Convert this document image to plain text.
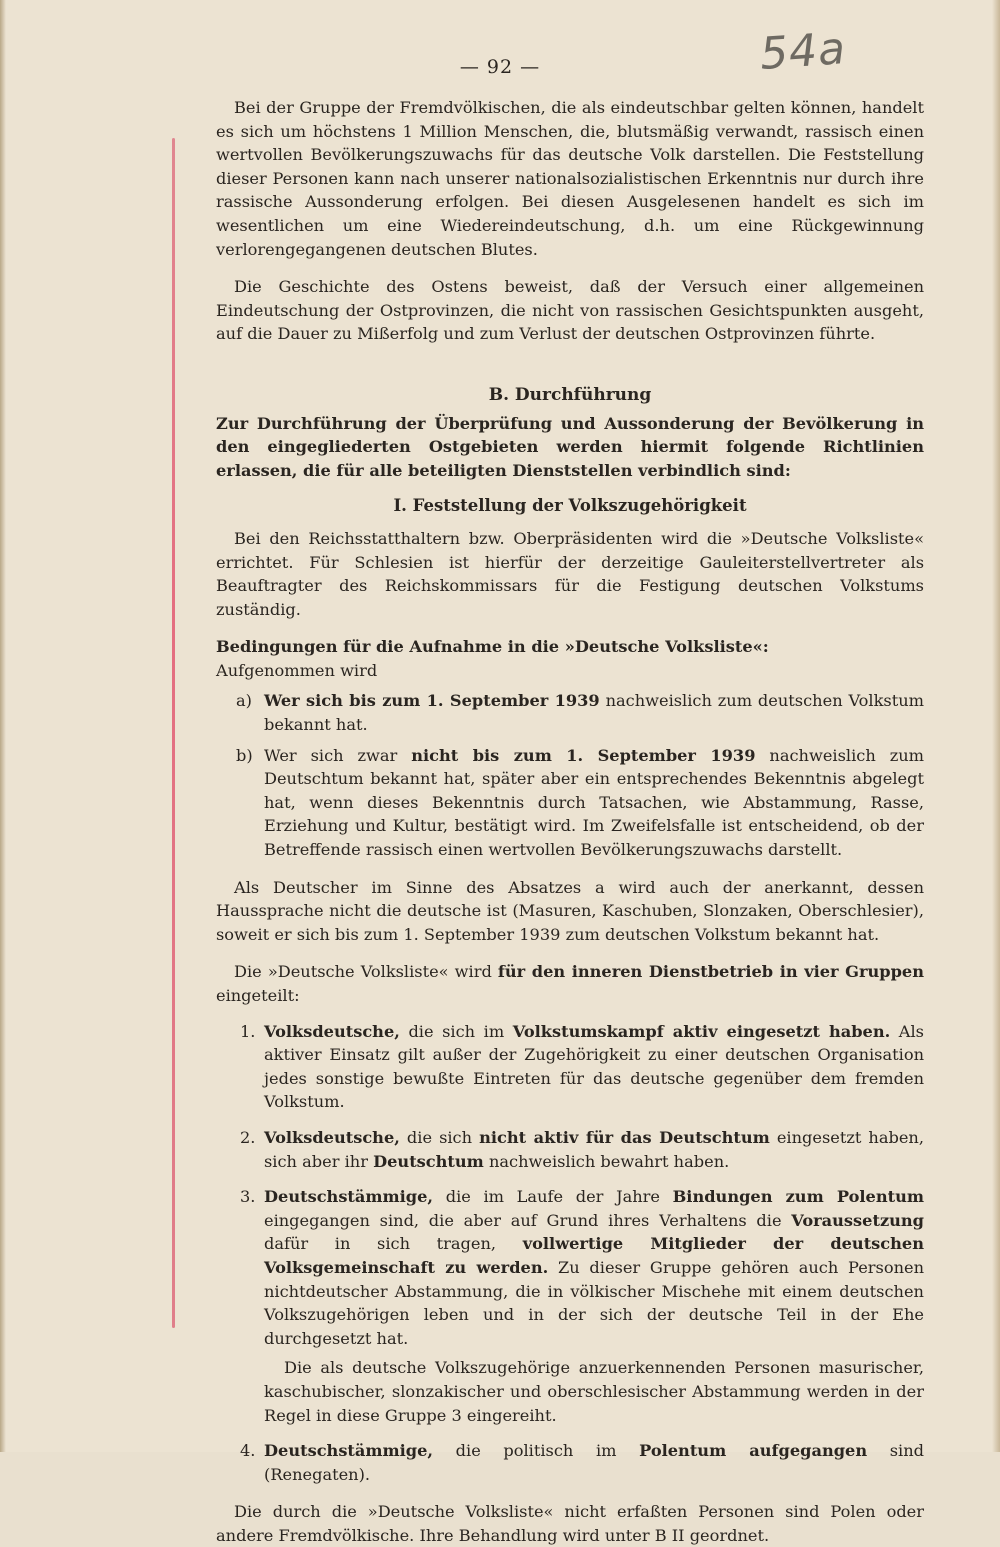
— 92 —	54a

Bei der Gruppe der Fremdvölkischen, die als eindeutschbar gelten können, handelt es sich um höchstens 1 Million Menschen, die, blutsmäßig verwandt, rassisch einen wertvollen Bevölkerungszuwachs für das deutsche Volk darstellen. Die Feststellung dieser Personen kann nach unserer nationalsozialistischen Erkenntnis nur durch ihre rassische Aussonderung erfolgen. Bei diesen Ausgelesenen handelt es sich im wesentlichen um eine Wiedereindeutschung, d.h. um eine Rückgewinnung verlorengegangenen deutschen Blutes.

Die Geschichte des Ostens beweist, daß der Versuch einer allgemeinen Eindeutschung der Ostprovinzen, die nicht von rassischen Gesichtspunkten ausgeht, auf die Dauer zu Mißerfolg und zum Verlust der deutschen Ostprovinzen führte.

B. Durchführung

Zur Durchführung der Überprüfung und Aussonderung der Bevölkerung in den eingegliederten Ostgebieten werden hiermit folgende Richtlinien erlassen, die für alle beteiligten Dienststellen verbindlich sind:

I. Feststellung der Volkszugehörigkeit

Bei den Reichsstatthaltern bzw. Oberpräsidenten wird die »Deutsche Volksliste« errichtet. Für Schlesien ist hierfür der derzeitige Gauleiterstellvertreter als Beauftragter des Reichskommissars für die Festigung deutschen Volkstums zuständig.

Bedingungen für die Aufnahme in die »Deutsche Volksliste«:
Aufgenommen wird
a) Wer sich bis zum 1. September 1939 nachweislich zum deutschen Volkstum bekannt hat.
b) Wer sich zwar nicht bis zum 1. September 1939 nachweislich zum Deutschtum bekannt hat, später aber ein entsprechendes Bekenntnis abgelegt hat, wenn dieses Bekenntnis durch Tatsachen, wie Abstammung, Rasse, Erziehung und Kultur, bestätigt wird. Im Zweifelsfalle ist entscheidend, ob der Betreffende rassisch einen wertvollen Bevölkerungszuwachs darstellt.

Als Deutscher im Sinne des Absatzes a wird auch der anerkannt, dessen Haussprache nicht die deutsche ist (Masuren, Kaschuben, Slonzaken, Oberschlesier), soweit er sich bis zum 1. September 1939 zum deutschen Volkstum bekannt hat.

Die »Deutsche Volksliste« wird für den inneren Dienstbetrieb in vier Gruppen eingeteilt:

1. Volksdeutsche, die sich im Volkstumskampf aktiv eingesetzt haben. Als aktiver Einsatz gilt außer der Zugehörigkeit zu einer deutschen Organisation jedes sonstige bewußte Eintreten für das deutsche gegenüber dem fremden Volkstum.
2. Volksdeutsche, die sich nicht aktiv für das Deutschtum eingesetzt haben, sich aber ihr Deutschtum nachweislich bewahrt haben.
3. Deutschstämmige, die im Laufe der Jahre Bindungen zum Polentum eingegangen sind, die aber auf Grund ihres Verhaltens die Voraussetzung dafür in sich tragen, vollwertige Mitglieder der deutschen Volksgemeinschaft zu werden. Zu dieser Gruppe gehören auch Personen nichtdeutscher Abstammung, die in völkischer Mischehe mit einem deutschen Volkszugehörigen leben und in der sich der deutsche Teil in der Ehe durchgesetzt hat.

Die als deutsche Volkszugehörige anzuerkennenden Personen masurischer, kaschubischer, slonzakischer und oberschlesischer Abstammung werden in der Regel in diese Gruppe 3 eingereiht.

4. Deutschstämmige, die politisch im Polentum aufgegangen sind (Renegaten).

Die durch die »Deutsche Volksliste« nicht erfaßten Personen sind Polen oder andere Fremdvölkische. Ihre Behandlung wird unter B II geordnet.
